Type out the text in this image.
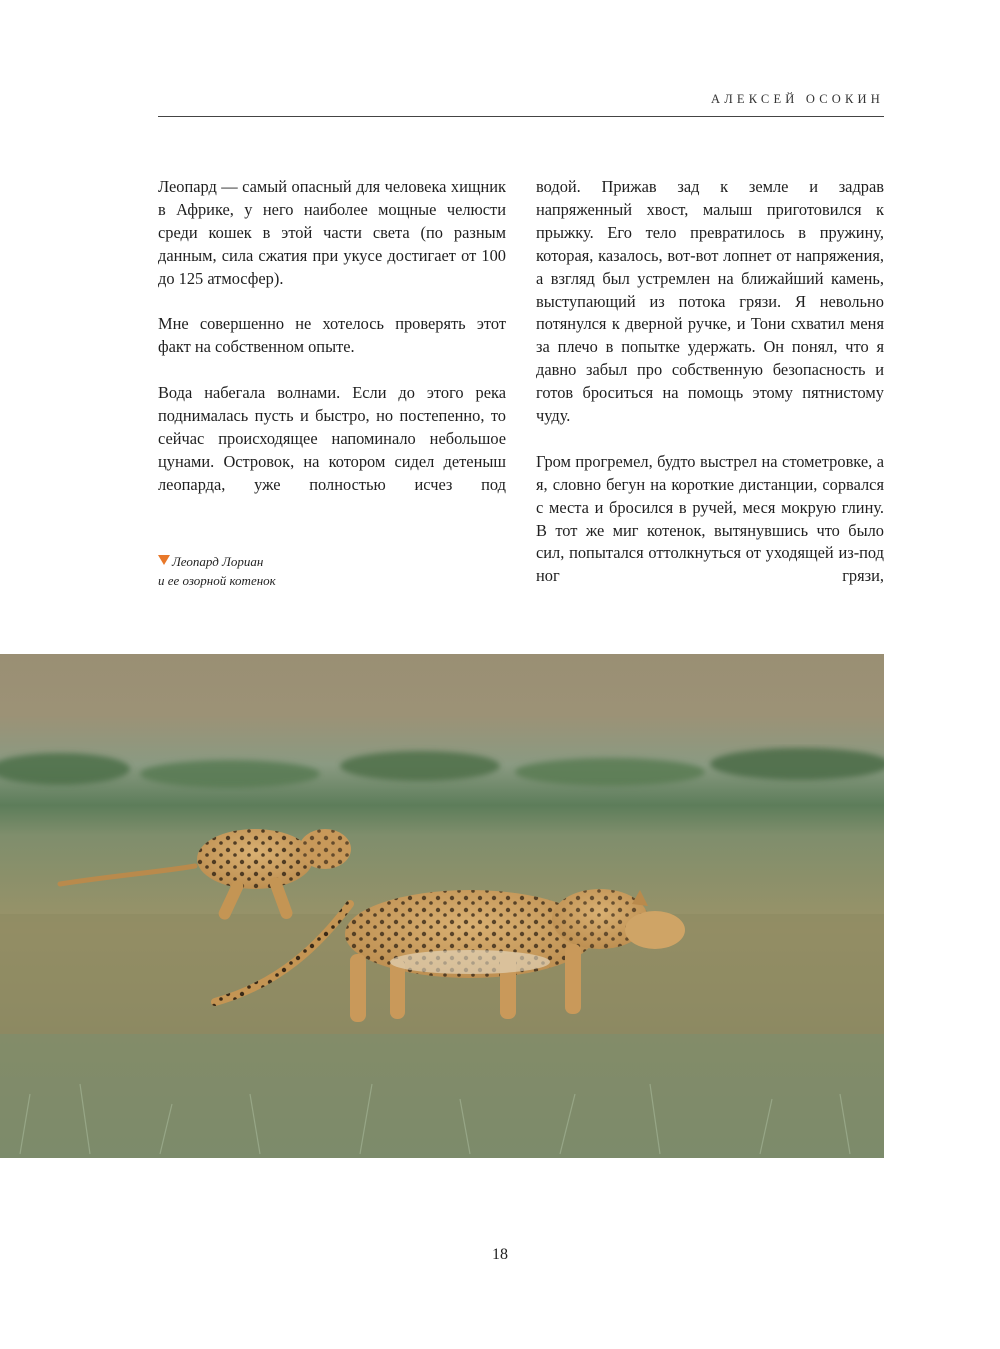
АЛЕКСЕЙ ОСОКИН

Леопард — самый опасный для человека хищник в Африке, у него наиболее мощные челюсти среди кошек в этой части света (по разным данным, сила сжатия при укусе достигает от 100 до 125 атмосфер).

Мне совершенно не хотелось проверять этот факт на собственном опыте.

Вода набегала волнами. Если до этого река поднималась пусть и быстро, но постепенно, то сейчас происходящее напоминало небольшое цунами. Островок, на котором сидел детеныш леопарда, уже полностью исчез под

водой. Прижав зад к земле и задрав напряженный хвост, малыш приготовился к прыжку. Его тело превратилось в пружину, которая, казалось, вот-вот лопнет от напряжения, а взгляд был устремлен на ближайший камень, выступающий из потока грязи. Я невольно потянулся к дверной ручке, и Тони схватил меня за плечо в попытке удержать. Он понял, что я давно забыл про собственную безопасность и готов броситься на помощь этому пятнистому чуду.

Гром прогремел, будто выстрел на стометровке, а я, словно бегун на короткие дистанции, сорвался с места и бросился в ручей, меся мокрую глину. В тот же миг котенок, вытянувшись что было сил, попытался оттолкнуться от уходящей из-под ног грязи,

Леопард Лориан
и ее озорной котенок
18
